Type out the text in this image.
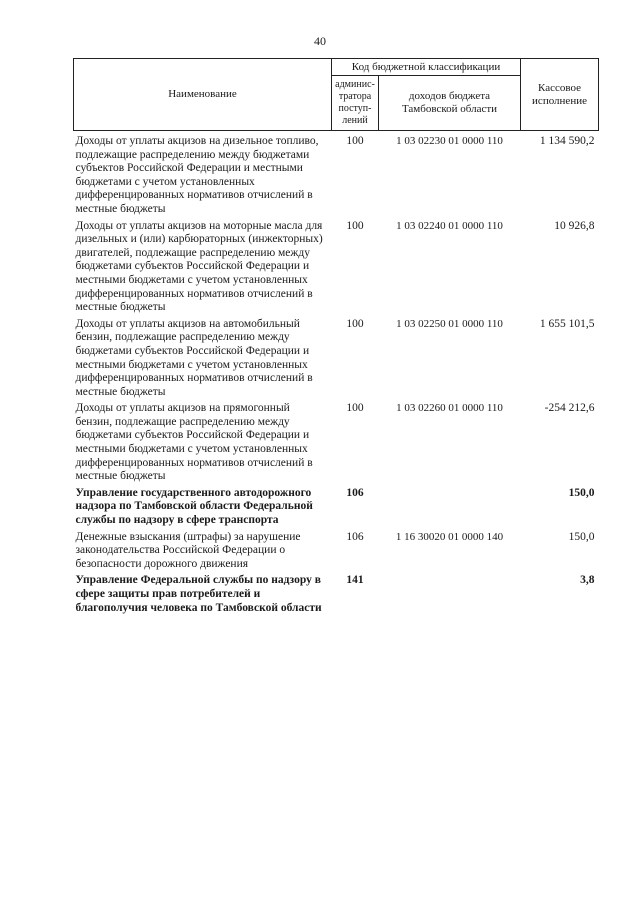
40
Наименование	Код бюджетной классификации		Кассовое исполнение
	админис-тратора поступ-лений	доходов бюджета Тамбовской области	
Доходы от уплаты акцизов на дизельное топливо, подлежащие распределению между бюджетами субъектов Российской Федерации и местными бюджетами с учетом установленных дифференцированных нормативов отчислений в местные бюджеты	100	1 03 02230 01 0000 110	1 134 590,2
Доходы от уплаты акцизов на моторные масла для дизельных и (или) карбюраторных (инжекторных) двигателей, подлежащие распределению между бюджетами субъектов Российской Федерации и местными бюджетами с учетом установленных дифференцированных нормативов отчислений в местные бюджеты	100	1 03 02240 01 0000 110	10 926,8
Доходы от уплаты акцизов на автомобильный бензин, подлежащие распределению между бюджетами субъектов Российской Федерации и местными бюджетами с учетом установленных дифференцированных нормативов отчислений в местные бюджеты	100	1 03 02250 01 0000 110	1 655 101,5
Доходы от уплаты акцизов на прямогонный бензин, подлежащие распределению между бюджетами субъектов Российской Федерации и местными бюджетами с учетом установленных дифференцированных нормативов отчислений в местные бюджеты	100	1 03 02260 01 0000 110	-254 212,6
Управление государственного автодорожного надзора по Тамбовской области Федеральной службы по надзору в сфере транспорта	106		150,0
Денежные взыскания (штрафы) за нарушение законодательства Российской Федерации о безопасности дорожного движения	106	1 16 30020 01 0000 140	150,0
Управление Федеральной службы по надзору в сфере защиты прав потребителей и благополучия человека по Тамбовской области	141		3,8
